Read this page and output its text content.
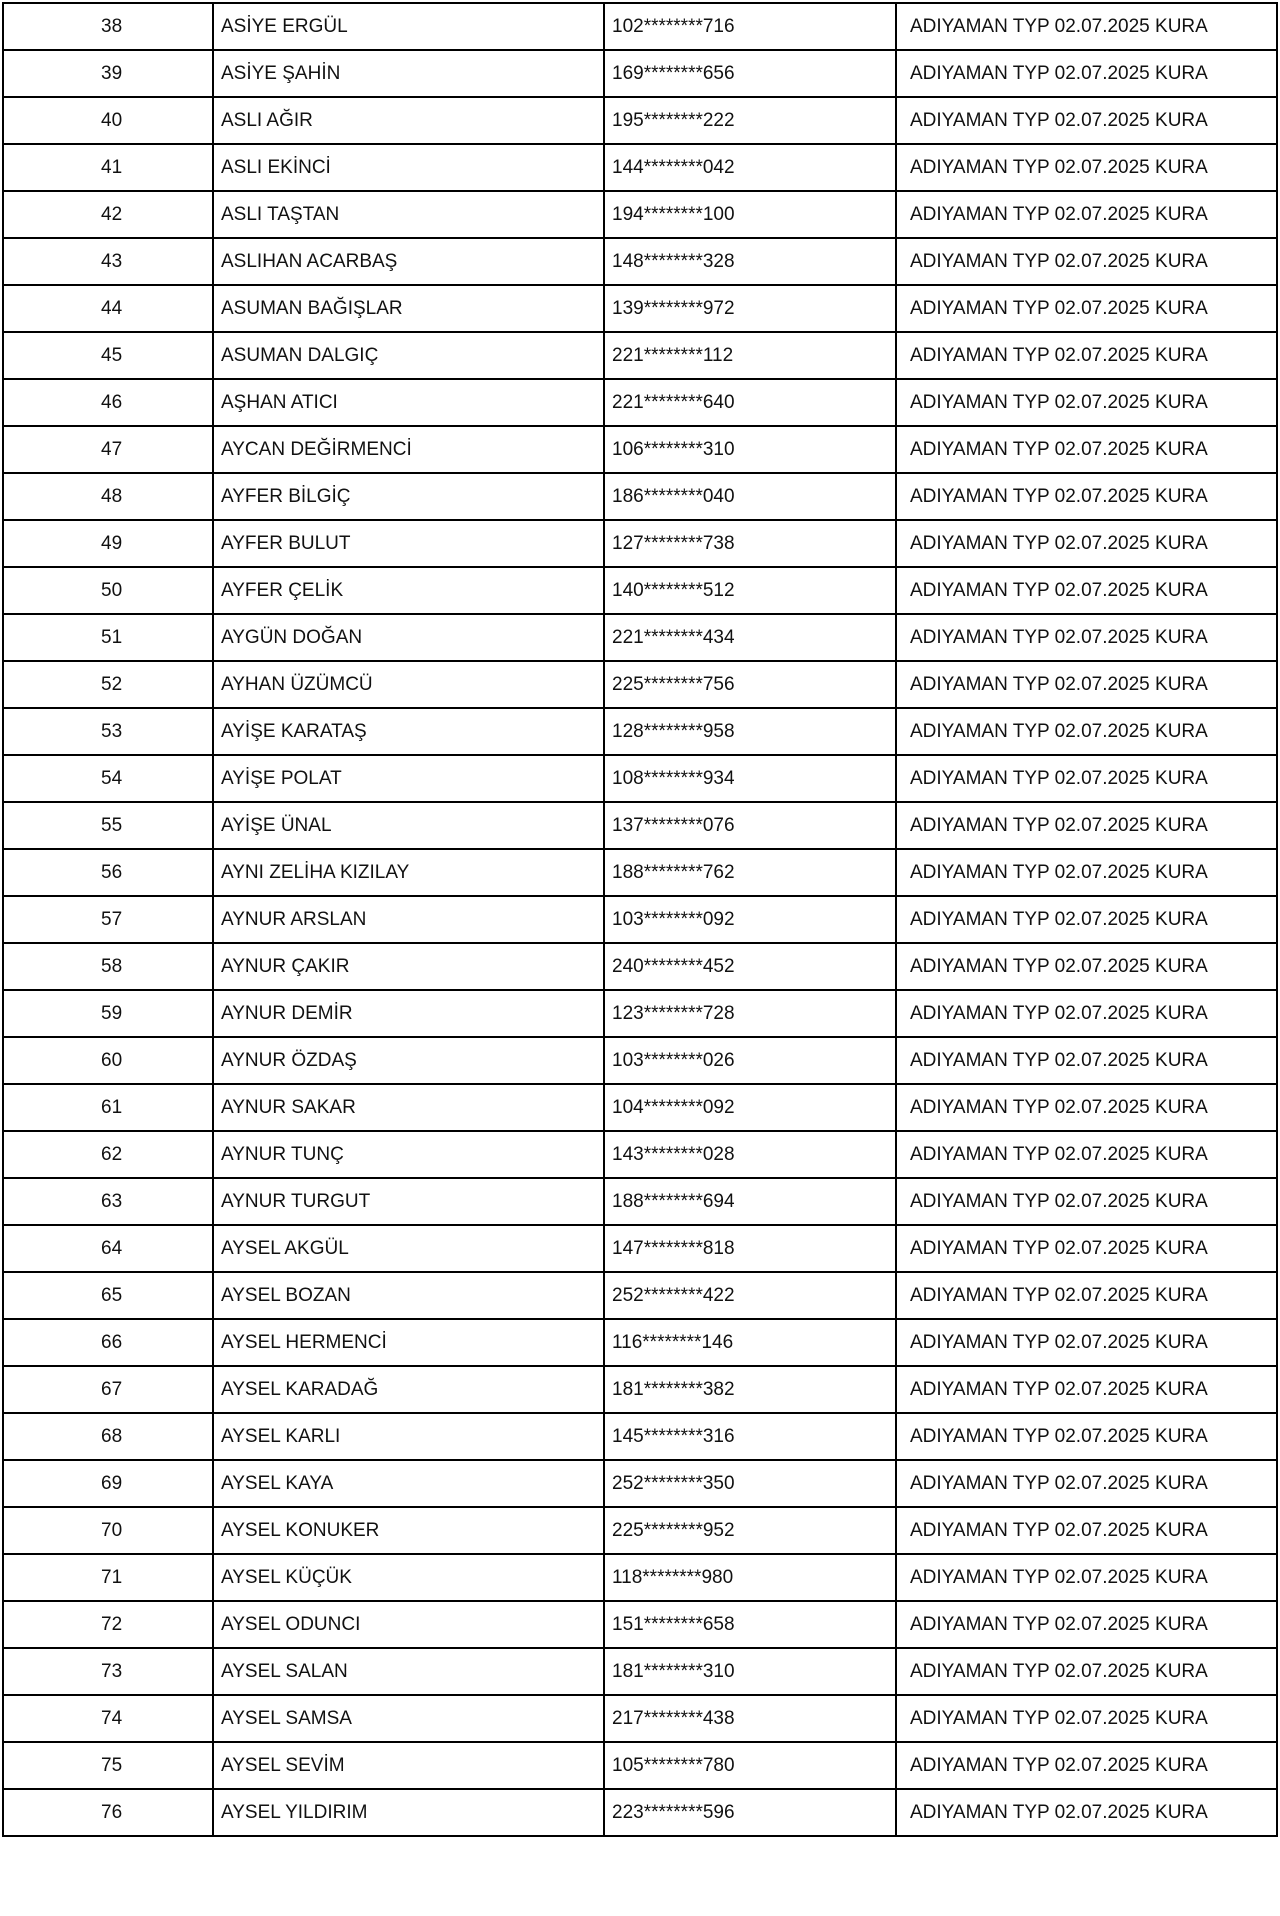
38	ASİYE ERGÜL	102********716	ADIYAMAN TYP 02.07.2025 KURA
39	ASİYE ŞAHİN	169********656	ADIYAMAN TYP 02.07.2025 KURA
40	ASLI AĞIR	195********222	ADIYAMAN TYP 02.07.2025 KURA
41	ASLI EKİNCİ	144********042	ADIYAMAN TYP 02.07.2025 KURA
42	ASLI TAŞTAN	194********100	ADIYAMAN TYP 02.07.2025 KURA
43	ASLIHAN ACARBAŞ	148********328	ADIYAMAN TYP 02.07.2025 KURA
44	ASUMAN BAĞIŞLAR	139********972	ADIYAMAN TYP 02.07.2025 KURA
45	ASUMAN DALGIÇ	221********112	ADIYAMAN TYP 02.07.2025 KURA
46	AŞHAN ATICI	221********640	ADIYAMAN TYP 02.07.2025 KURA
47	AYCAN DEĞİRMENCİ	106********310	ADIYAMAN TYP 02.07.2025 KURA
48	AYFER BİLGİÇ	186********040	ADIYAMAN TYP 02.07.2025 KURA
49	AYFER BULUT	127********738	ADIYAMAN TYP 02.07.2025 KURA
50	AYFER ÇELİK	140********512	ADIYAMAN TYP 02.07.2025 KURA
51	AYGÜN DOĞAN	221********434	ADIYAMAN TYP 02.07.2025 KURA
52	AYHAN ÜZÜMCÜ	225********756	ADIYAMAN TYP 02.07.2025 KURA
53	AYİŞE KARATAŞ	128********958	ADIYAMAN TYP 02.07.2025 KURA
54	AYİŞE POLAT	108********934	ADIYAMAN TYP 02.07.2025 KURA
55	AYİŞE ÜNAL	137********076	ADIYAMAN TYP 02.07.2025 KURA
56	AYNI ZELİHA KIZILAY	188********762	ADIYAMAN TYP 02.07.2025 KURA
57	AYNUR ARSLAN	103********092	ADIYAMAN TYP 02.07.2025 KURA
58	AYNUR ÇAKIR	240********452	ADIYAMAN TYP 02.07.2025 KURA
59	AYNUR DEMİR	123********728	ADIYAMAN TYP 02.07.2025 KURA
60	AYNUR ÖZDAŞ	103********026	ADIYAMAN TYP 02.07.2025 KURA
61	AYNUR SAKAR	104********092	ADIYAMAN TYP 02.07.2025 KURA
62	AYNUR TUNÇ	143********028	ADIYAMAN TYP 02.07.2025 KURA
63	AYNUR TURGUT	188********694	ADIYAMAN TYP 02.07.2025 KURA
64	AYSEL AKGÜL	147********818	ADIYAMAN TYP 02.07.2025 KURA
65	AYSEL BOZAN	252********422	ADIYAMAN TYP 02.07.2025 KURA
66	AYSEL HERMENCİ	116********146	ADIYAMAN TYP 02.07.2025 KURA
67	AYSEL KARADAĞ	181********382	ADIYAMAN TYP 02.07.2025 KURA
68	AYSEL KARLI	145********316	ADIYAMAN TYP 02.07.2025 KURA
69	AYSEL KAYA	252********350	ADIYAMAN TYP 02.07.2025 KURA
70	AYSEL KONUKER	225********952	ADIYAMAN TYP 02.07.2025 KURA
71	AYSEL KÜÇÜK	118********980	ADIYAMAN TYP 02.07.2025 KURA
72	AYSEL ODUNCI	151********658	ADIYAMAN TYP 02.07.2025 KURA
73	AYSEL SALAN	181********310	ADIYAMAN TYP 02.07.2025 KURA
74	AYSEL SAMSA	217********438	ADIYAMAN TYP 02.07.2025 KURA
75	AYSEL SEVİM	105********780	ADIYAMAN TYP 02.07.2025 KURA
76	AYSEL YILDIRIM	223********596	ADIYAMAN TYP 02.07.2025 KURA
